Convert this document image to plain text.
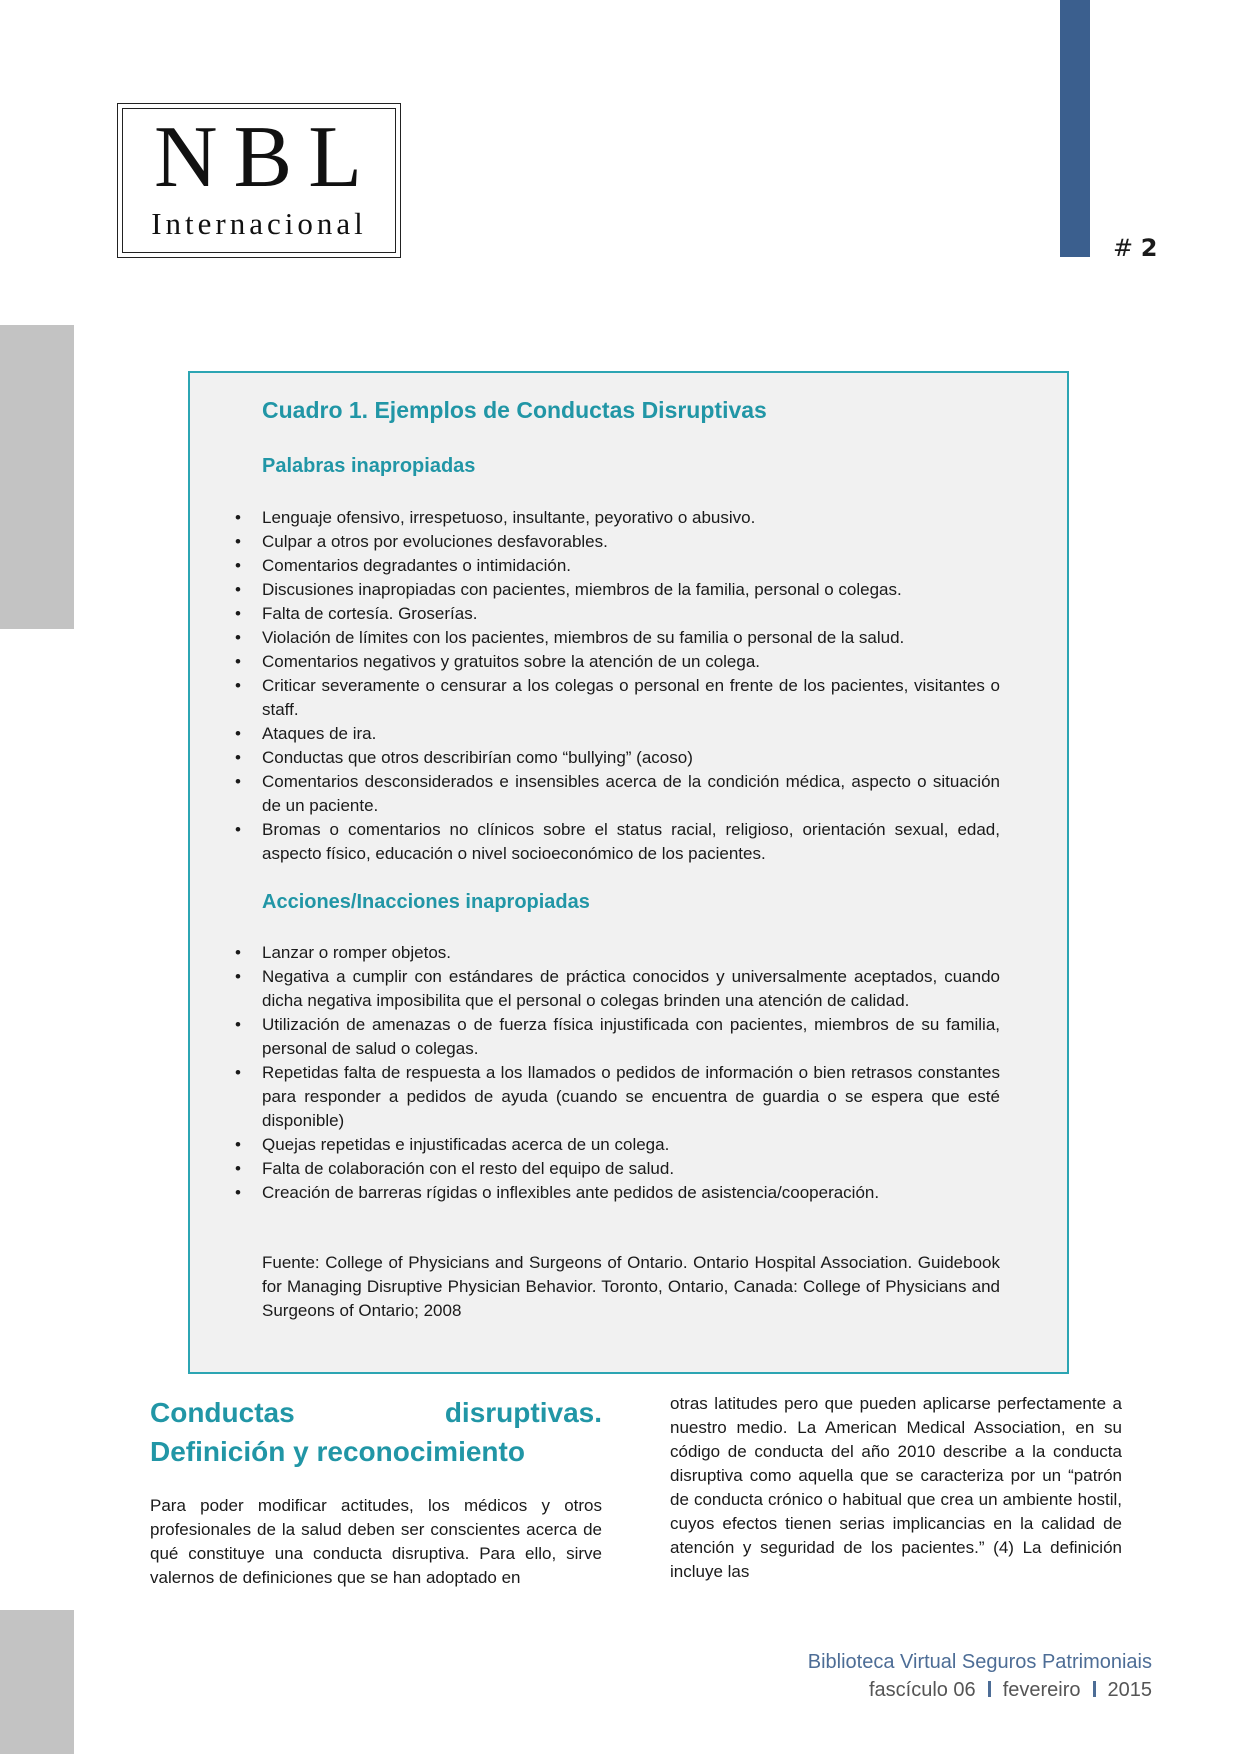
# 2
NBL
Internacional
Cuadro 1. Ejemplos de Conductas Disruptivas
Palabras inapropiadas
• Lenguaje ofensivo, irrespetuoso, insultante, peyorativo o abusivo.
• Culpar a otros por evoluciones desfavorables.
• Comentarios degradantes o intimidación.
• Discusiones inapropiadas con pacientes, miembros de la familia, personal o colegas.
• Falta de cortesía. Groserías.
• Violación de límites con los pacientes, miembros de su familia o personal de la salud.
• Comentarios negativos y gratuitos sobre la atención de un colega.
• Criticar severamente o censurar a los colegas o personal en frente de los pacientes, visitantes o staff.
• Ataques de ira.
• Conductas que otros describirían como “bullying” (acoso)
• Comentarios desconsiderados e insensibles acerca de la condición médica, aspecto o situación de un paciente.
• Bromas o comentarios no clínicos sobre el status racial, religioso, orientación sexual, edad, aspecto físico, educación o nivel socioeconómico de los pacientes.
Acciones/Inacciones inapropiadas
• Lanzar o romper objetos.
• Negativa a cumplir con estándares de práctica conocidos y universalmente aceptados, cuando dicha negativa imposibilita que el personal o colegas brinden una atención de calidad.
• Utilización de amenazas o de fuerza física injustificada con pacientes, miembros de su familia, personal de salud o colegas.
• Repetidas falta de respuesta a los llamados o pedidos de información o bien retrasos constantes para responder a pedidos de ayuda (cuando se encuentra de guardia o se espera que esté disponible)
• Quejas repetidas e injustificadas acerca de un colega.
• Falta de colaboración con el resto del equipo de salud.
• Creación de barreras rígidas o inflexibles ante pedidos de asistencia/cooperación.
Fuente: College of Physicians and Surgeons of Ontario. Ontario Hospital Association. Guidebook for Managing Disruptive Physician Behavior. Toronto, Ontario, Canada: College of Physicians and Surgeons of Ontario; 2008
Conductas disruptivas. Definición y reconocimiento
Para poder modificar actitudes, los médicos y otros profesionales de la salud deben ser conscientes acerca de qué constituye una conducta disruptiva. Para ello, sirve valernos de definiciones que se han adoptado en
otras latitudes pero que pueden aplicarse perfectamente a nuestro medio. La American Medical Association, en su código de conducta del año 2010 describe a la conducta disruptiva como aquella que se caracteriza por un “patrón de conducta crónico o habitual que crea un ambiente hostil, cuyos efectos tienen serias implicancias en la calidad de atención y seguridad de los pacientes.” (4) La definición incluye las
Biblioteca Virtual Seguros Patrimoniais
fascículo 06 fevereiro 2015
